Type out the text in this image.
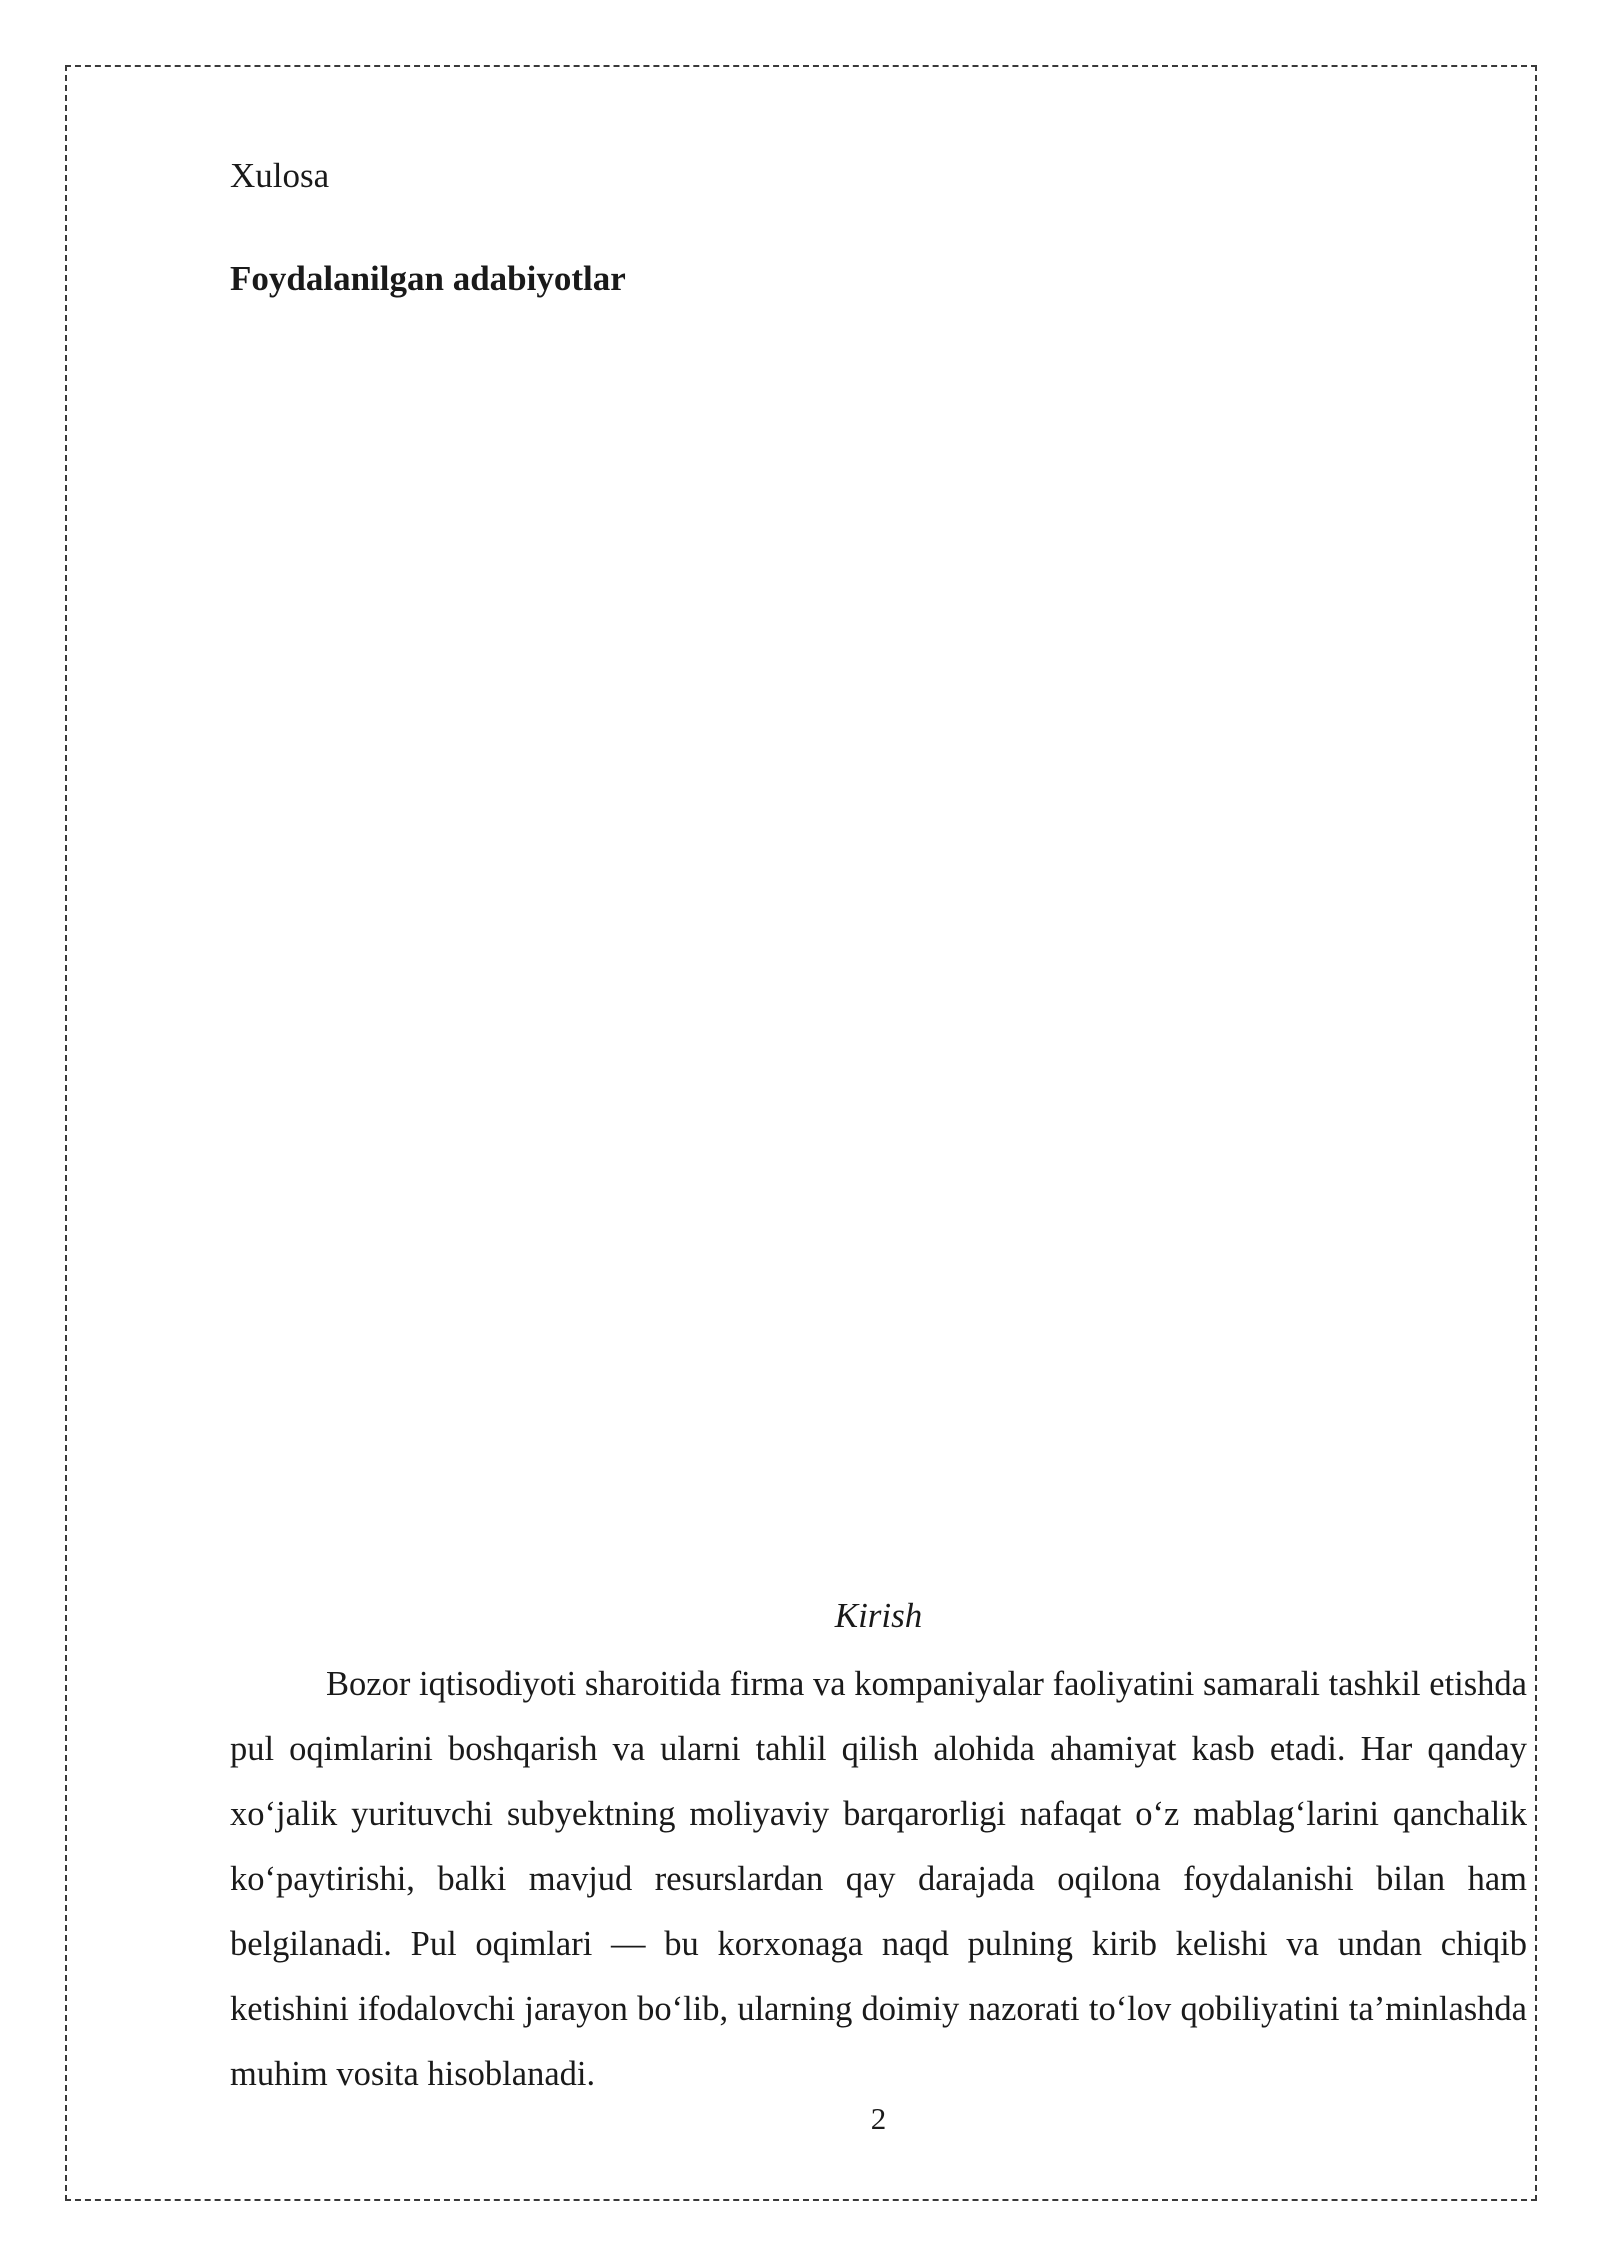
Xulosa
Foydalanilgan adabiyotlar
Kirish

Bozor iqtisodiyoti sharoitida firma va kompaniyalar faoliyatini samarali tashkil etishda pul oqimlarini boshqarish va ularni tahlil qilish alohida ahamiyat kasb etadi. Har qanday xo‘jalik yurituvchi subyektning moliyaviy barqarorligi nafaqat o‘z mablag‘larini qanchalik ko‘paytirishi, balki mavjud resurslardan qay darajada oqilona foydalanishi bilan ham belgilanadi. Pul oqimlari — bu korxonaga naqd pulning kirib kelishi va undan chiqib ketishini ifodalovchi jarayon bo‘lib, ularning doimiy nazorati to‘lov qobiliyatini ta’minlashda muhim vosita hisoblanadi.

2
